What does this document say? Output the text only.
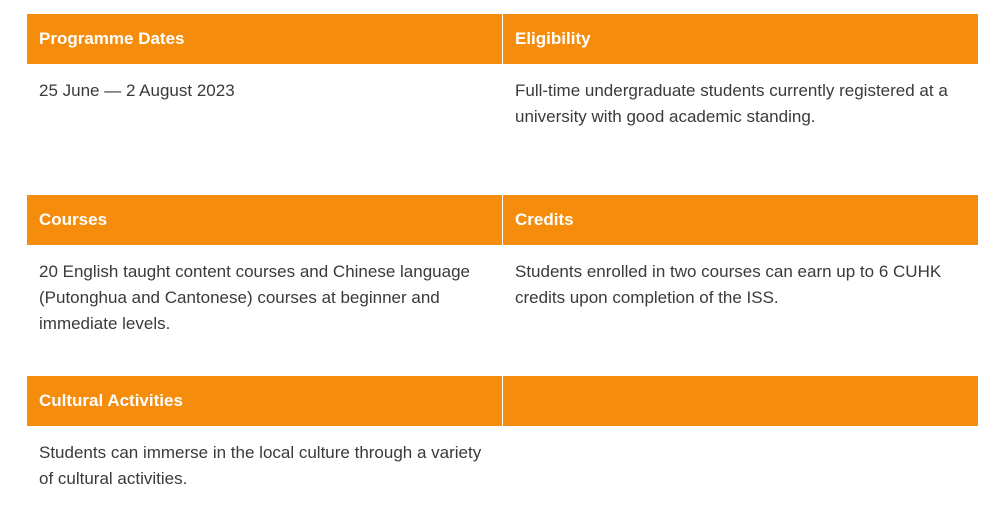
Programme Dates
25 June — 2 August 2023
Eligibility
Full-time undergraduate students currently registered at a university with good academic standing.
Courses
20 English taught content courses and Chinese language (Putonghua and Cantonese) courses at beginner and immediate levels.
Credits
Students enrolled in two courses can earn up to 6 CUHK credits upon completion of the ISS.
Cultural Activities
Students can immerse in the local culture through a variety of cultural activities.
